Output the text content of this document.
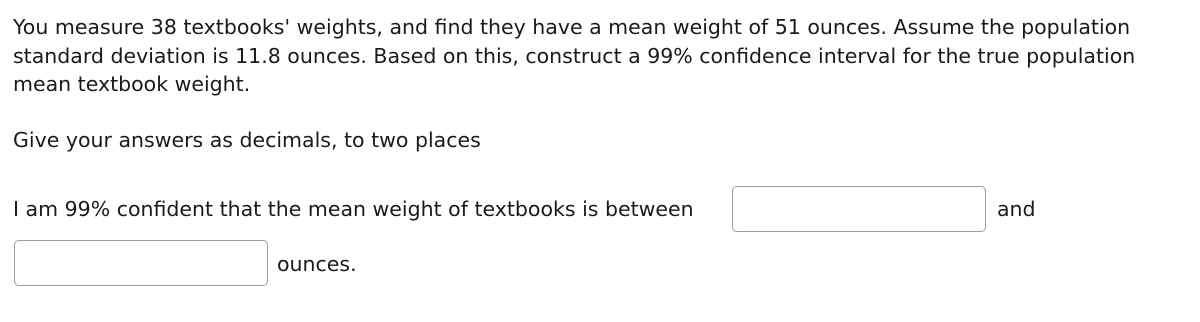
You measure 38 textbooks' weights, and find they have a mean weight of 51 ounces. Assume the population standard deviation is 11.8 ounces. Based on this, construct a 99% confidence interval for the true population mean textbook weight.

Give your answers as decimals, to two places
I am 99% confident that the mean weight of textbooks is between	and
ounces.
